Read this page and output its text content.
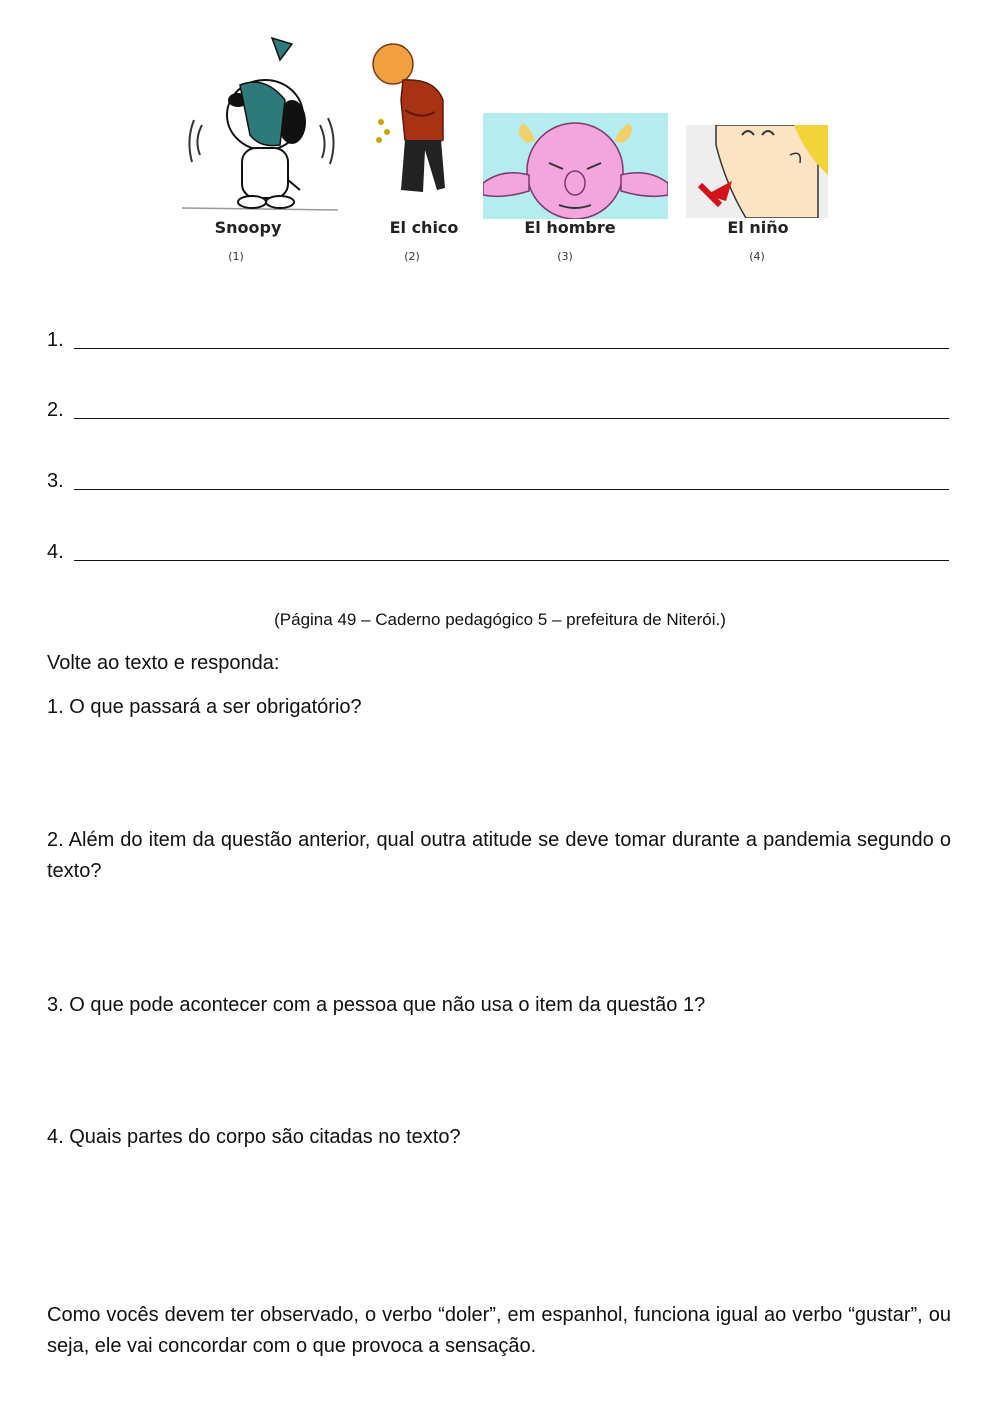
Snoopy	El chico	El hombre	El niño
(1)	(2)	(3)	(4)
1.
2.
3.
4.
(Página 49 – Caderno pedagógico 5 – prefeitura de Niterói.)
Volte ao texto e responda:
1. O que passará a ser obrigatório?
2. Além do item da questão anterior, qual outra atitude se deve tomar durante a pandemia segundo o texto?
3. O que pode acontecer com a pessoa que não usa o item da questão 1?
4. Quais partes do corpo são citadas no texto?
Como vocês devem ter observado, o verbo “doler”, em espanhol, funciona igual ao verbo “gustar”, ou seja, ele vai concordar com o que provoca a sensação.
